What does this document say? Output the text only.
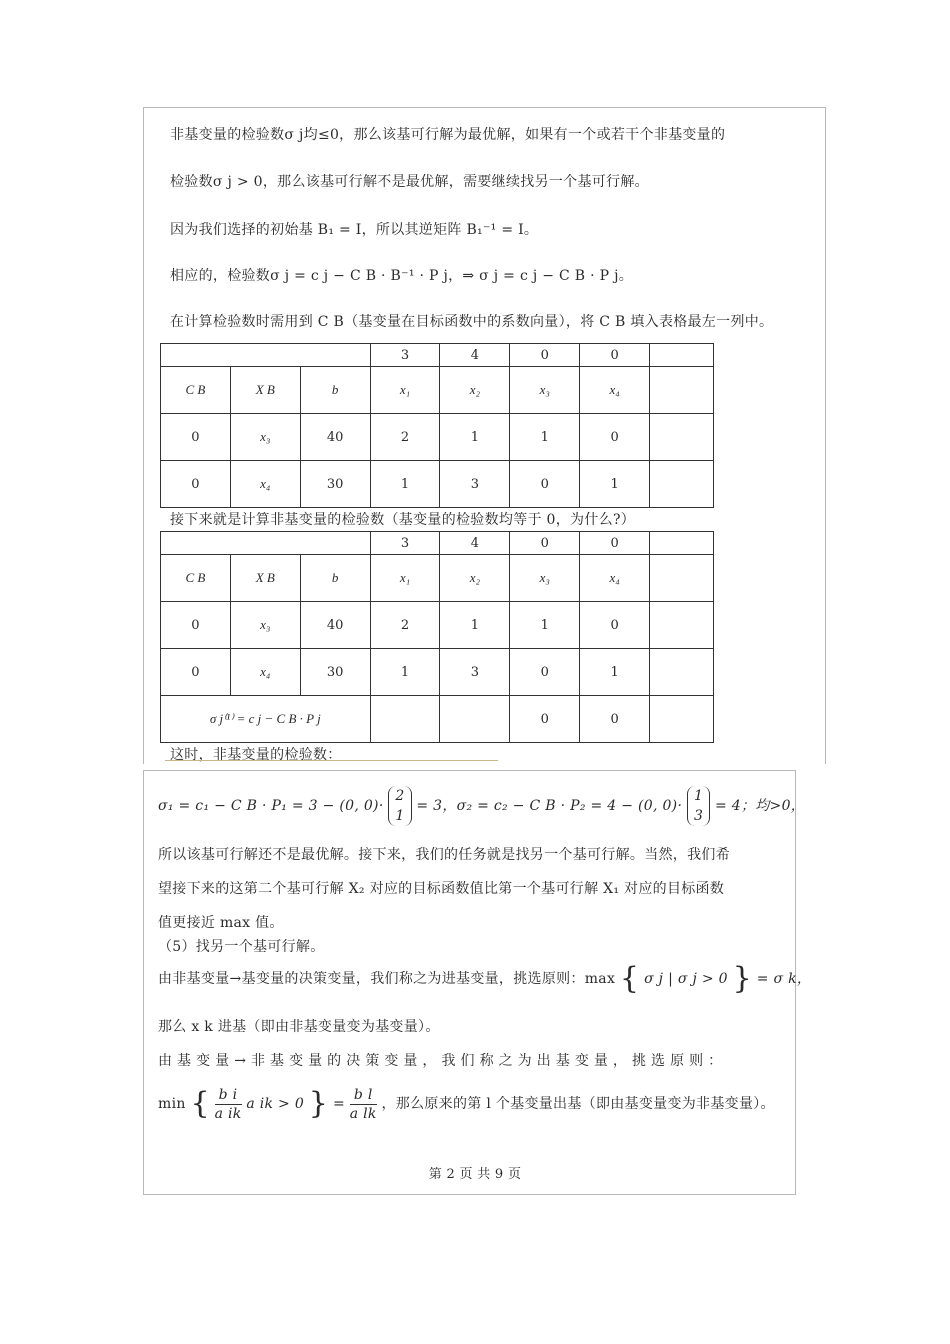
非基变量的检验数σ j均≤0，那么该基可行解为最优解，如果有一个或若干个非基变量的
检验数σ j > 0，那么该基可行解不是最优解，需要继续找另一个基可行解。
因为我们选择的初始基 B₁ = I，所以其逆矩阵 B₁⁻¹ = I。
相应的，检验数σ j = c j − C B · B⁻¹ · P j，⇒ σ j = c j − C B · P j。
在计算检验数时需用到 C B（基变量在目标函数中的系数向量），将 C B 填入表格最左一列中。
			3	4	0	0	
C B	X B	b	x₁	x₂	x₃	x₄	
0	x₃	40	2	1	1	0	
0	x₄	30	1	3	0	1	
接下来就是计算非基变量的检验数（基变量的检验数均等于 0，为什么?）
			3	4	0	0	
C B	X B	b	x₁	x₂	x₃	x₄	
0	x₃	40	2	1	1	0	
0	x₄	30	1	3	0	1	
σ j⁽¹⁾ = c j − C B · P j					0	0	
这时，非基变量的检验数：
σ₁ = c₁ − C B · P₁ = 3 − (0, 0)·
2
1
= 3，σ₂ = c₂ − C B · P₂ = 4 − (0, 0)·
1
3
= 4；均>0，
所以该基可行解还不是最优解。接下来，我们的任务就是找另一个基可行解。当然，我们希
望接下来的这第二个基可行解 X₂ 对应的目标函数值比第一个基可行解 X₁ 对应的目标函数
值更接近 max 值。
（5）找另一个基可行解。
由非基变量→基变量的决策变量，我们称之为进基变量，挑选原则：max { σ j | σ j > 0 } = σ k，
那么 x k 进基（即由非基变量变为基变量）。
由 基 变 量 → 非 基 变 量 的 决 策 变 量 ， 我 们 称 之 为 出 基 变 量 ， 挑 选 原 则 ：
min { $\frac{\text{b i}}{\text{a ik}}$ a ik > 0 } = $\frac{\text{b l}}{\text{a lk}}$ ，那么原来的第 l 个基变量出基（即由基变量变为非基变量）。
第 2 页 共 9 页
